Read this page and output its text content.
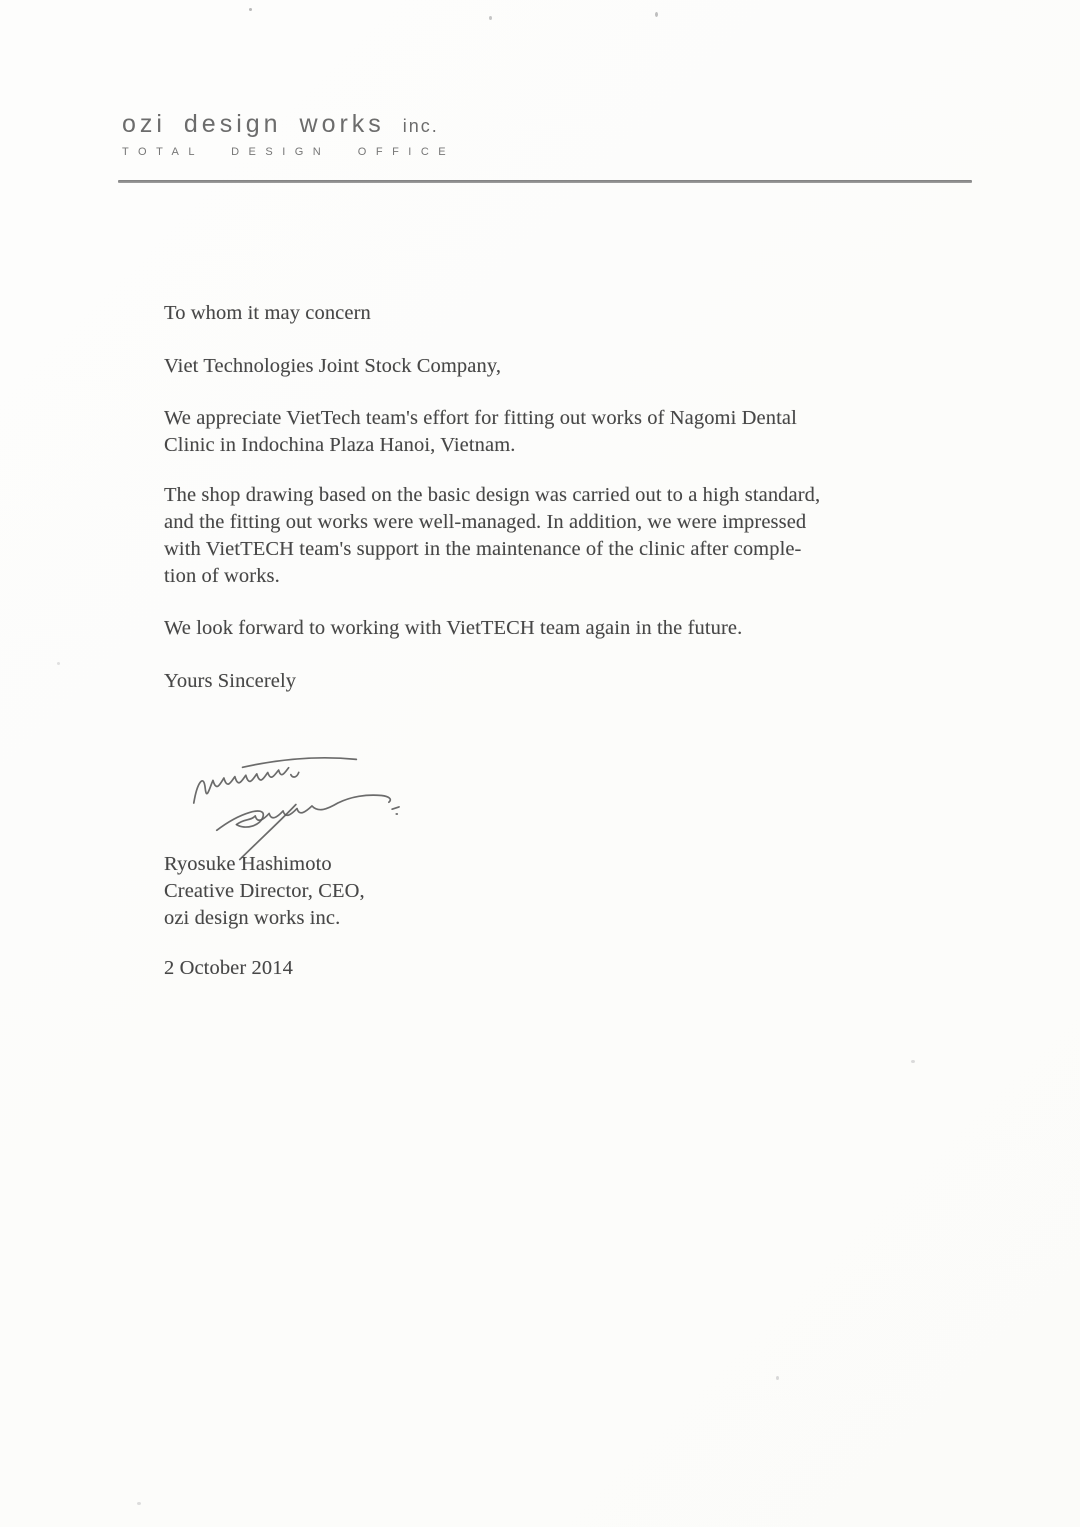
ozi design works inc.
TOTAL DESIGN OFFICE
To whom it may concern
Viet Technologies Joint Stock Company,
We appreciate VietTech team's effort for fitting out works of Nagomi Dental
Clinic in Indochina Plaza Hanoi, Vietnam.
The shop drawing based on the basic design was carried out to a high standard,
and the fitting out works were well-managed. In addition, we were impressed
with VietTECH team's support in the maintenance of the clinic after comple-
tion of works.
We look forward to working with VietTECH team again in the future.
Yours Sincerely
Ryosuke Hashimoto
Creative Director, CEO,
ozi design works inc.
2 October 2014
